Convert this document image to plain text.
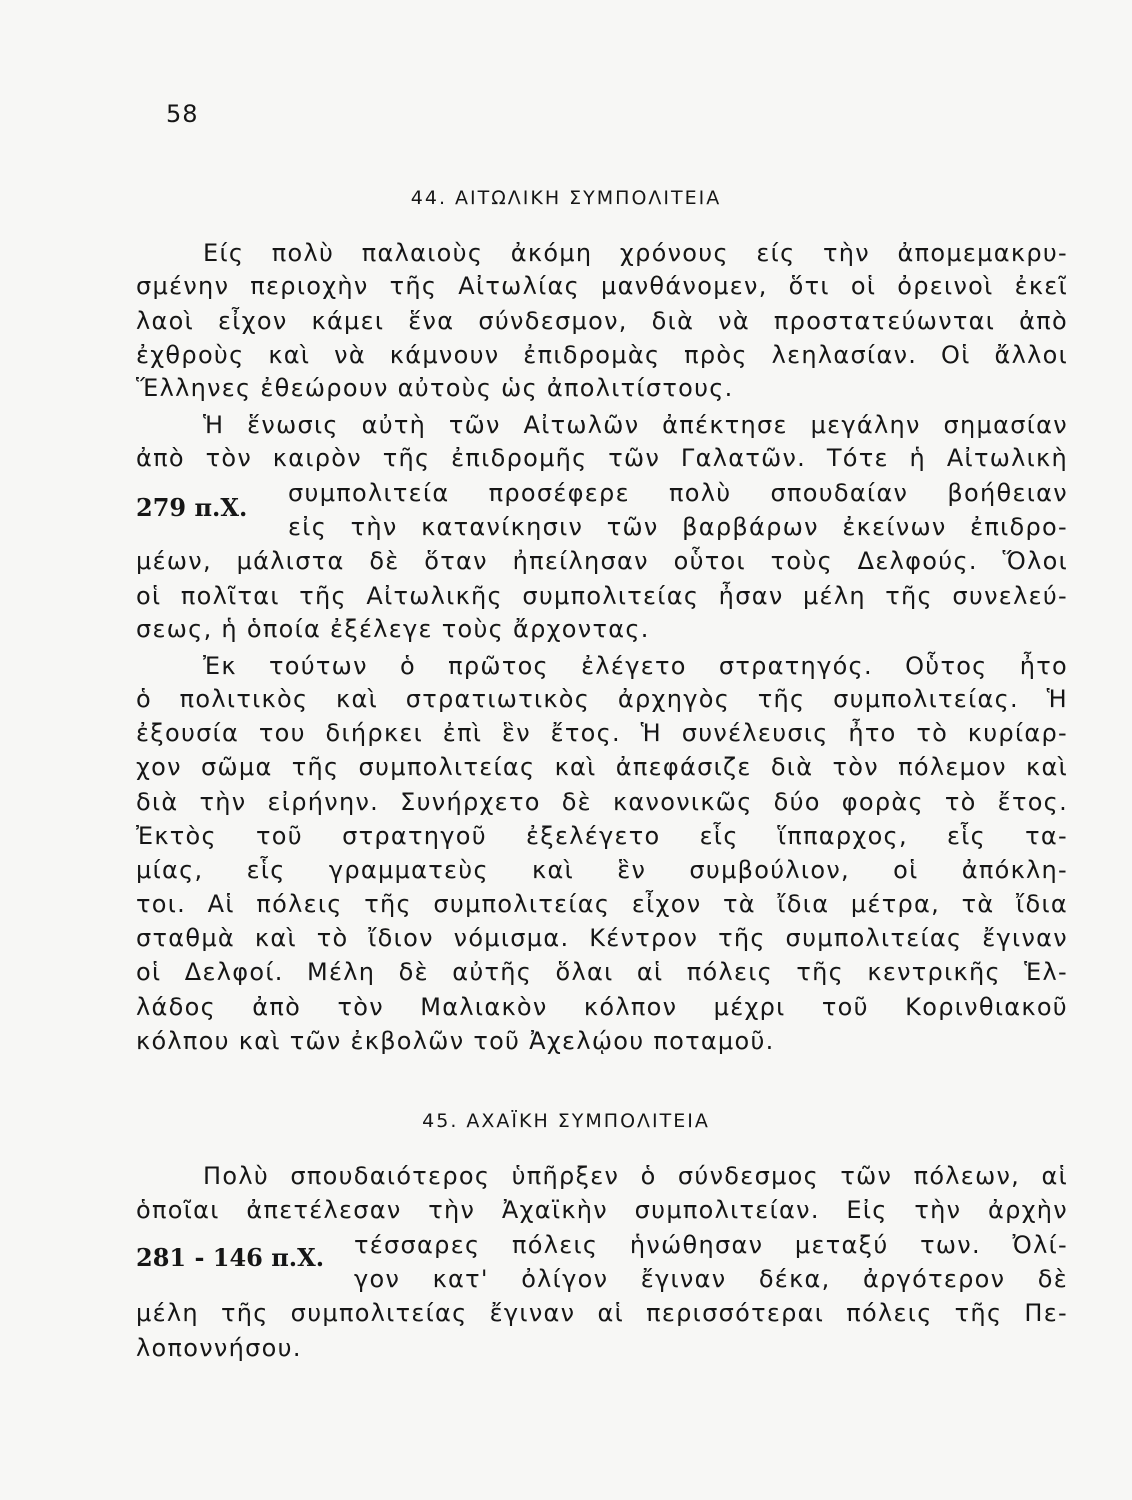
58
44. ΑΙΤΩΛΙΚΗ ΣΥΜΠΟΛΙΤΕΙΑ
Είς πολὺ παλαιοὺς ἀκόμη χρόνους είς τὴν ἀπομεμακρυ-
σμένην περιοχὴν τῆς Αἰτωλίας μανθάνομεν, ὅτι οἱ ὀρεινοὶ ἐκεῖ
λαοὶ εἶχον κάμει ἕνα σύνδεσμον, διὰ νὰ προστατεύωνται ἀπὸ
ἐχθροὺς καὶ νὰ κάμνουν ἐπιδρομὰς πρὸς λεηλασίαν. Οἱ ἄλλοι
Ἕλληνες ἐθεώρουν αὐτοὺς ὡς ἀπολιτίστους.
Ἡ ἕνωσις αὐτὴ τῶν Αἰτωλῶν ἀπέκτησε μεγάλην σημασίαν
ἀπὸ τὸν καιρὸν τῆς ἐπιδρομῆς τῶν Γαλατῶν. Τότε ἡ Αἰτωλικὴ
279 π.Χ. συμπολιτεία προσέφερε πολὺ σπουδαίαν βοήθειαν
εἰς τὴν κατανίκησιν τῶν βαρβάρων ἐκείνων ἐπιδρο-
μέων, μάλιστα δὲ ὅταν ἠπείλησαν οὗτοι τοὺς Δελφούς. Ὅλοι
οἱ πολῖται τῆς Αἰτωλικῆς συμπολιτείας ἦσαν μέλη τῆς συνελεύ-
σεως, ἡ ὁποία ἐξέλεγε τοὺς ἄρχοντας.
Ἐκ τούτων ὁ πρῶτος ἐλέγετο στρατηγός. Οὗτος ἦτο
ὁ πολιτικὸς καὶ στρατιωτικὸς ἀρχηγὸς τῆς συμπολιτείας. Ἡ
ἐξουσία του διήρκει ἐπὶ ἓν ἔτος. Ἡ συνέλευσις ἦτο τὸ κυρίαρ-
χον σῶμα τῆς συμπολιτείας καὶ ἀπεφάσιζε διὰ τὸν πόλεμον καὶ
διὰ τὴν εἰρήνην. Συνήρχετο δὲ κανονικῶς δύο φορὰς τὸ ἔτος.
Ἐκτὸς τοῦ στρατηγοῦ ἐξελέγετο εἷς ἵππαρχος, εἷς τα-
μίας, εἷς γραμματεὺς καὶ ἓν συμβούλιον, οἱ ἀπόκλη-
τοι. Αἱ πόλεις τῆς συμπολιτείας εἶχον τὰ ἴδια μέτρα, τὰ ἴδια
σταθμὰ καὶ τὸ ἴδιον νόμισμα. Κέντρον τῆς συμπολιτείας ἔγιναν
οἱ Δελφοί. Μέλη δὲ αὐτῆς ὅλαι αἱ πόλεις τῆς κεντρικῆς Ἑλ-
λάδος ἀπὸ τὸν Μαλιακὸν κόλπον μέχρι τοῦ Κορινθιακοῦ
κόλπου καὶ τῶν ἐκβολῶν τοῦ Ἀχελῴου ποταμοῦ.
45. ΑΧΑΪΚΗ ΣΥΜΠΟΛΙΤΕΙΑ
Πολὺ σπουδαιότερος ὑπῆρξεν ὁ σύνδεσμος τῶν πόλεων, αἱ
ὁποῖαι ἀπετέλεσαν τὴν Ἀχαϊκὴν συμπολιτείαν. Εἰς τὴν ἀρχὴν
281 - 146 π.Χ. τέσσαρες πόλεις ἡνώθησαν μεταξύ των. Ὀλί-
γον κατ' ὀλίγον ἔγιναν δέκα, ἀργότερον δὲ
μέλη τῆς συμπολιτείας ἔγιναν αἱ περισσότεραι πόλεις τῆς Πε-
λοποννήσου.
